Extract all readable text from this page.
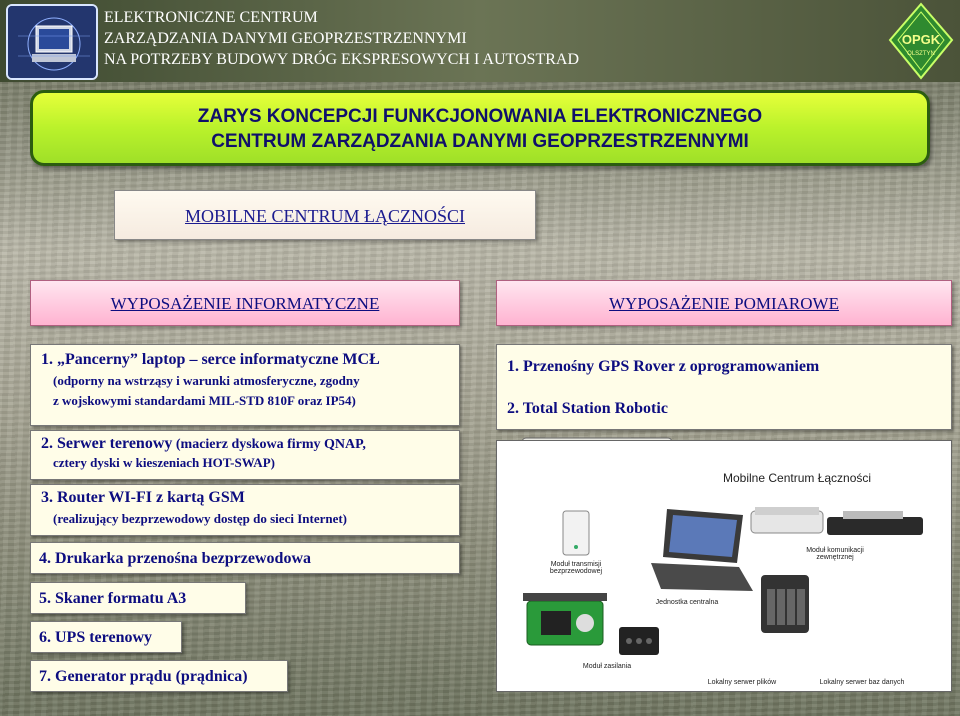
ELEKTRONICZNE CENTRUM
ZARZĄDZANIA DANYMI GEOPRZESTRZENNYMI
NA POTRZEBY BUDOWY DRÓG EKSPRESOWYCH I AUTOSTRAD
OPGK
OLSZTYN
ZARYS KONCEPCJI FUNKCJONOWANIA ELEKTRONICZNEGO
CENTRUM ZARZĄDZANIA DANYMI GEOPRZESTRZENNYMI
MOBILNE CENTRUM ŁĄCZNOŚCI
WYPOSAŻENIE INFORMATYCZNE	WYPOSAŻENIE POMIAROWE
1. „Pancerny” laptop – serce informatyczne MCŁ
(odporny na wstrząsy i warunki atmosferyczne, zgodny
z wojskowymi standardami MIL-STD 810F oraz IP54)
2. Serwer terenowy (macierz dyskowa firmy QNAP,
cztery dyski w kieszeniach HOT-SWAP)
3. Router WI-FI z kartą GSM
(realizujący bezprzewodowy dostęp do sieci Internet)
4. Drukarka przenośna bezprzewodowa
5. Skaner formatu A3
6. UPS terenowy
7. Generator prądu (prądnica)
1. Przenośny GPS Rover z oprogramowaniem
2. Total Station Robotic
Mobilne Centrum Łączności
Moduł transmisji bezprzewodowej
Jednostka centralna
Moduł komunikacji zewnętrznej
Moduł zasilania
Lokalny serwer plików	Lokalny serwer baz danych
